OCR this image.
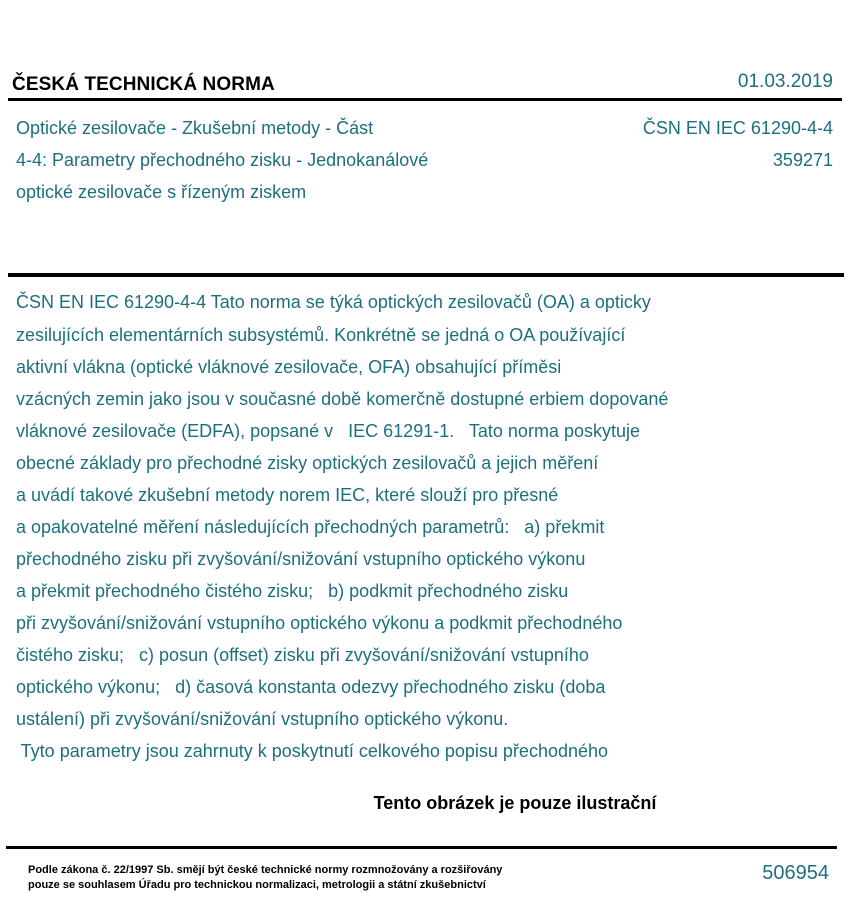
ČESKÁ TECHNICKÁ NORMA	01.03.2019
Optické zesilovače - Zkušební metody - Část
4-4: Parametry přechodného zisku - Jednokanálové
optické zesilovače s řízeným ziskem
ČSN EN IEC 61290-4-4
359271
ČSN EN IEC 61290-4-4 Tato norma se týká optických zesilovačů (OA) a opticky
zesilujících elementárních subsystémů. Konkrétně se jedná o OA používající
aktivní vlákna (optické vláknové zesilovače, OFA) obsahující příměsi
vzácných zemin jako jsou v současné době komerčně dostupné erbiem dopované
vláknové zesilovače (EDFA), popsané v   IEC 61291-1.   Tato norma poskytuje
obecné základy pro přechodné zisky optických zesilovačů a jejich měření
a uvádí takové zkušební metody norem IEC, které slouží pro přesné
a opakovatelné měření následujících přechodných parametrů:   a) překmit
přechodného zisku při zvyšování/snižování vstupního optického výkonu
a překmit přechodného čistého zisku;   b) podkmit přechodného zisku
při zvyšování/snižování vstupního optického výkonu a podkmit přechodného
čistého zisku;   c) posun (offset) zisku při zvyšování/snižování vstupního
optického výkonu;   d) časová konstanta odezvy přechodného zisku (doba
ustálení) při zvyšování/snižování vstupního optického výkonu.
Tyto parametry jsou zahrnuty k poskytnutí celkového popisu přechodného
Tento obrázek je pouze ilustrační
Podle zákona č. 22/1997 Sb. smějí být české technické normy rozmnožovány a rozšiřovány
pouze se souhlasem Úřadu pro technickou normalizaci, metrologii a státní zkušebnictví
506954
